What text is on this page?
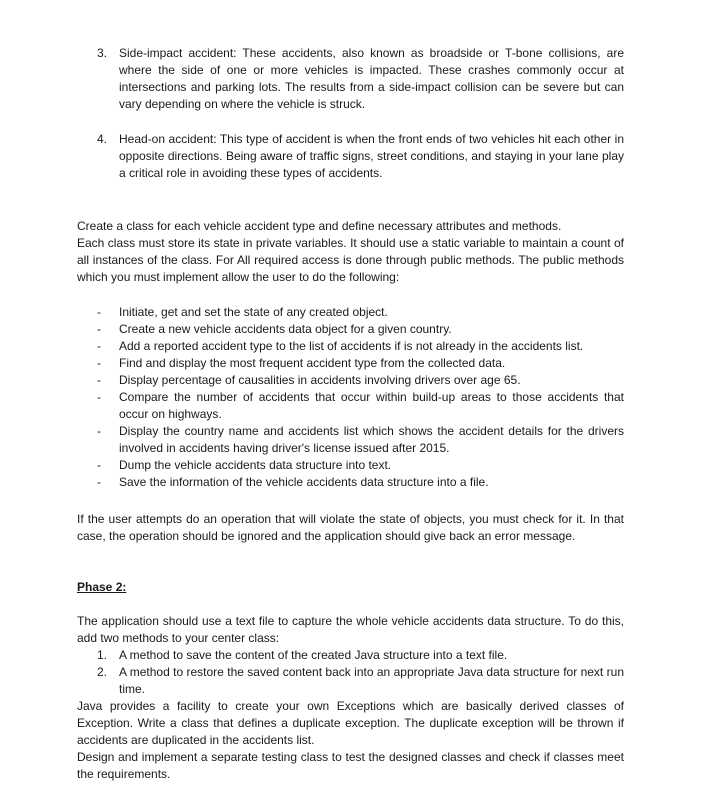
3. Side-impact accident: These accidents, also known as broadside or T-bone collisions, are where the side of one or more vehicles is impacted. These crashes commonly occur at intersections and parking lots. The results from a side-impact collision can be severe but can vary depending on where the vehicle is struck.
4. Head-on accident: This type of accident is when the front ends of two vehicles hit each other in opposite directions. Being aware of traffic signs, street conditions, and staying in your lane play a critical role in avoiding these types of accidents.
Create a class for each vehicle accident type and define necessary attributes and methods.
Each class must store its state in private variables. It should use a static variable to maintain a count of all instances of the class. For All required access is done through public methods. The public methods which you must implement allow the user to do the following:
- Initiate, get and set the state of any created object.
- Create a new vehicle accidents data object for a given country.
- Add a reported accident type to the list of accidents if is not already in the accidents list.
- Find and display the most frequent accident type from the collected data.
- Display percentage of causalities in accidents involving drivers over age 65.
- Compare the number of accidents that occur within build-up areas to those accidents that occur on highways.
- Display the country name and accidents list which shows the accident details for the drivers involved in accidents having driver's license issued after 2015.
- Dump the vehicle accidents data structure into text.
- Save the information of the vehicle accidents data structure into a file.
If the user attempts do an operation that will violate the state of objects, you must check for it. In that case, the operation should be ignored and the application should give back an error message.
Phase 2:
The application should use a text file to capture the whole vehicle accidents data structure. To do this, add two methods to your center class:
1. A method to save the content of the created Java structure into a text file.
2. A method to restore the saved content back into an appropriate Java data structure for next run time.
Java provides a facility to create your own Exceptions which are basically derived classes of Exception. Write a class that defines a duplicate exception. The duplicate exception will be thrown if accidents are duplicated in the accidents list.
Design and implement a separate testing class to test the designed classes and check if classes meet the requirements.
